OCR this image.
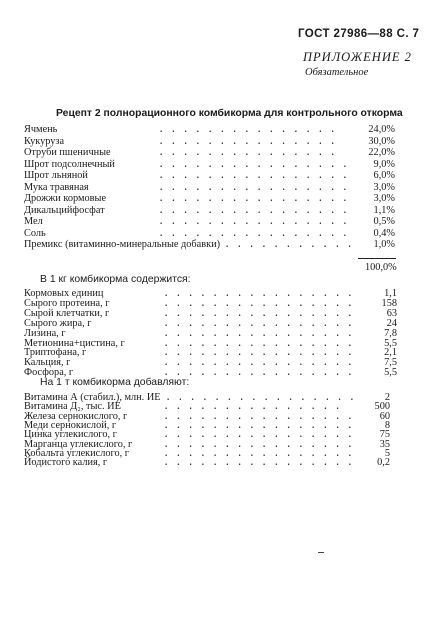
ГОСТ 27986—88 С. 7
ПРИЛОЖЕНИЕ 2
Обязательное
Рецепт 2 полнорационного комбикорма для контрольного откорма
Ячмень	............... 24,0%
Кукуруза	............... 30,0%
Отруби пшеничные	............... 22,0%
Шрот подсолнечный	................ 9,0%
Шрот льняной	................ 6,0%
Мука травяная	................ 3,0%
Дрожжи кормовые	................ 3,0%
Дикальцийфосфат	................ 1,1%
Мел	................ 0,5%
Соль	................ 0,4%
Премикс (витаминно-минеральные добавки) ........... 1,0%
100,0%
В 1 кг комбикорма содержится:
Кормовых единиц	................ 1,1
Сырого протеина, г	................ 158
Сырой клетчатки, г	................ 63
Сырого жира, г	................ 24
Лизина, г	................ 7,8
Метионина+цистина, г	................ 5,5
Триптофана, г	................ 2,1
Кальция, г	................ 7,5
Фосфора, г	................ 5,5
На 1 т комбикорма добавляют:
Витамина А (стабил.), млн. ИЕ ................ 2
Витамина Д₂, тыс. ИЕ	...............	500
Железа сернокислого, г	................ 60
Меди сернокислой, г	................ 8
Цинка углекислого, г	................ 75
Марганца углекислого, г	................ 35
Кобальта углекислого, г	................ 5
Йодистого калия, г	................ 0,2
